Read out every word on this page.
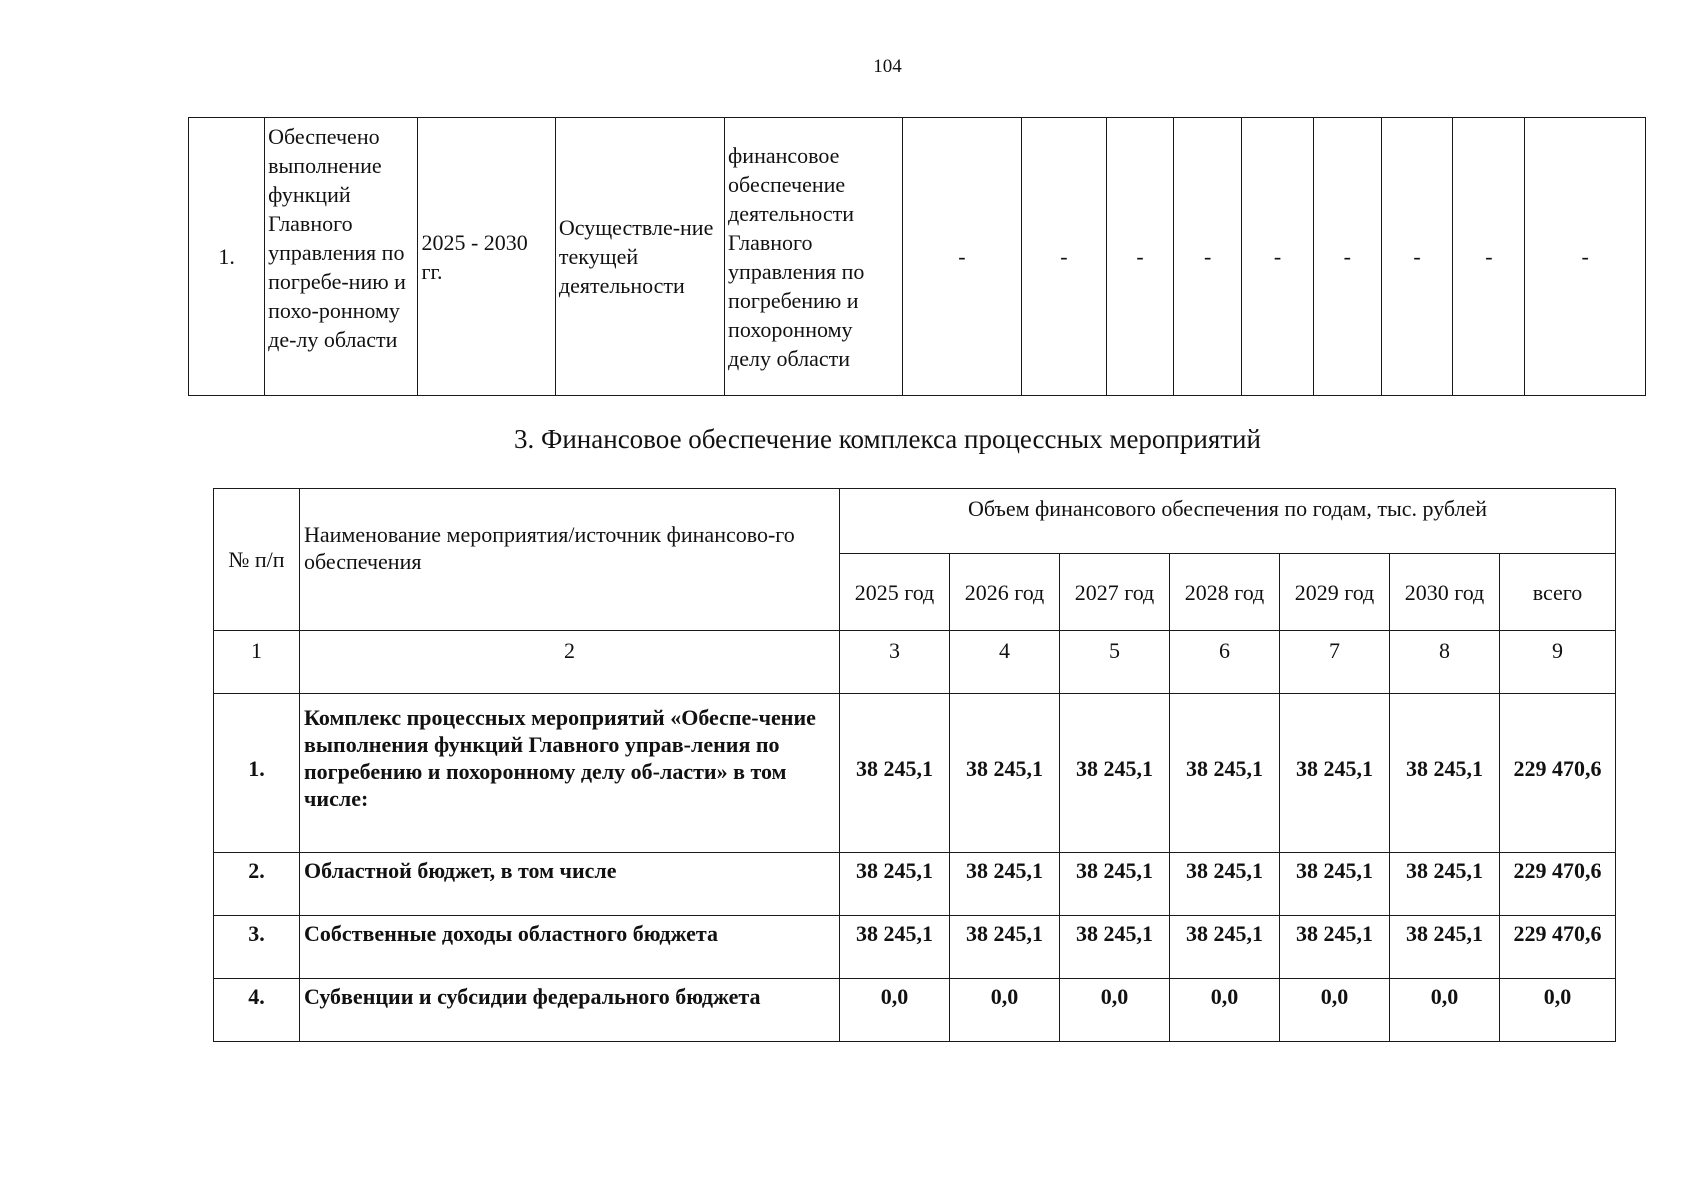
104
1.	Обеспечено выполнение функций Главного управления по погребе-нию и похо-ронному де-лу области	2025 - 2030 гг.	Осуществле-ние текущей деятельности	финансовое обеспечение деятельности Главного управления по погребению и похоронному делу области	-	-	-	-	-	-	-	-	-
3. Финансовое обеспечение комплекса процессных мероприятий
№ п/п	Наименование мероприятия/источник финансово-го обеспечения	Объем финансового обеспечения по годам, тыс. рублей						
		2025 год	2026 год	2027 год	2028 год	2029 год	2030 год	всего
1	2	3	4	5	6	7	8	9
1.	Комплекс процессных мероприятий «Обеспе-чение выполнения функций Главного управ-ления по погребению и похоронному делу об-ласти» в том числе:	38 245,1	38 245,1	38 245,1	38 245,1	38 245,1	38 245,1	229 470,6
2.	Областной бюджет, в том числе	38 245,1	38 245,1	38 245,1	38 245,1	38 245,1	38 245,1	229 470,6
3.	Собственные доходы областного бюджета	38 245,1	38 245,1	38 245,1	38 245,1	38 245,1	38 245,1	229 470,6
4.	Субвенции и субсидии федерального бюджета	0,0	0,0	0,0	0,0	0,0	0,0	0,0
